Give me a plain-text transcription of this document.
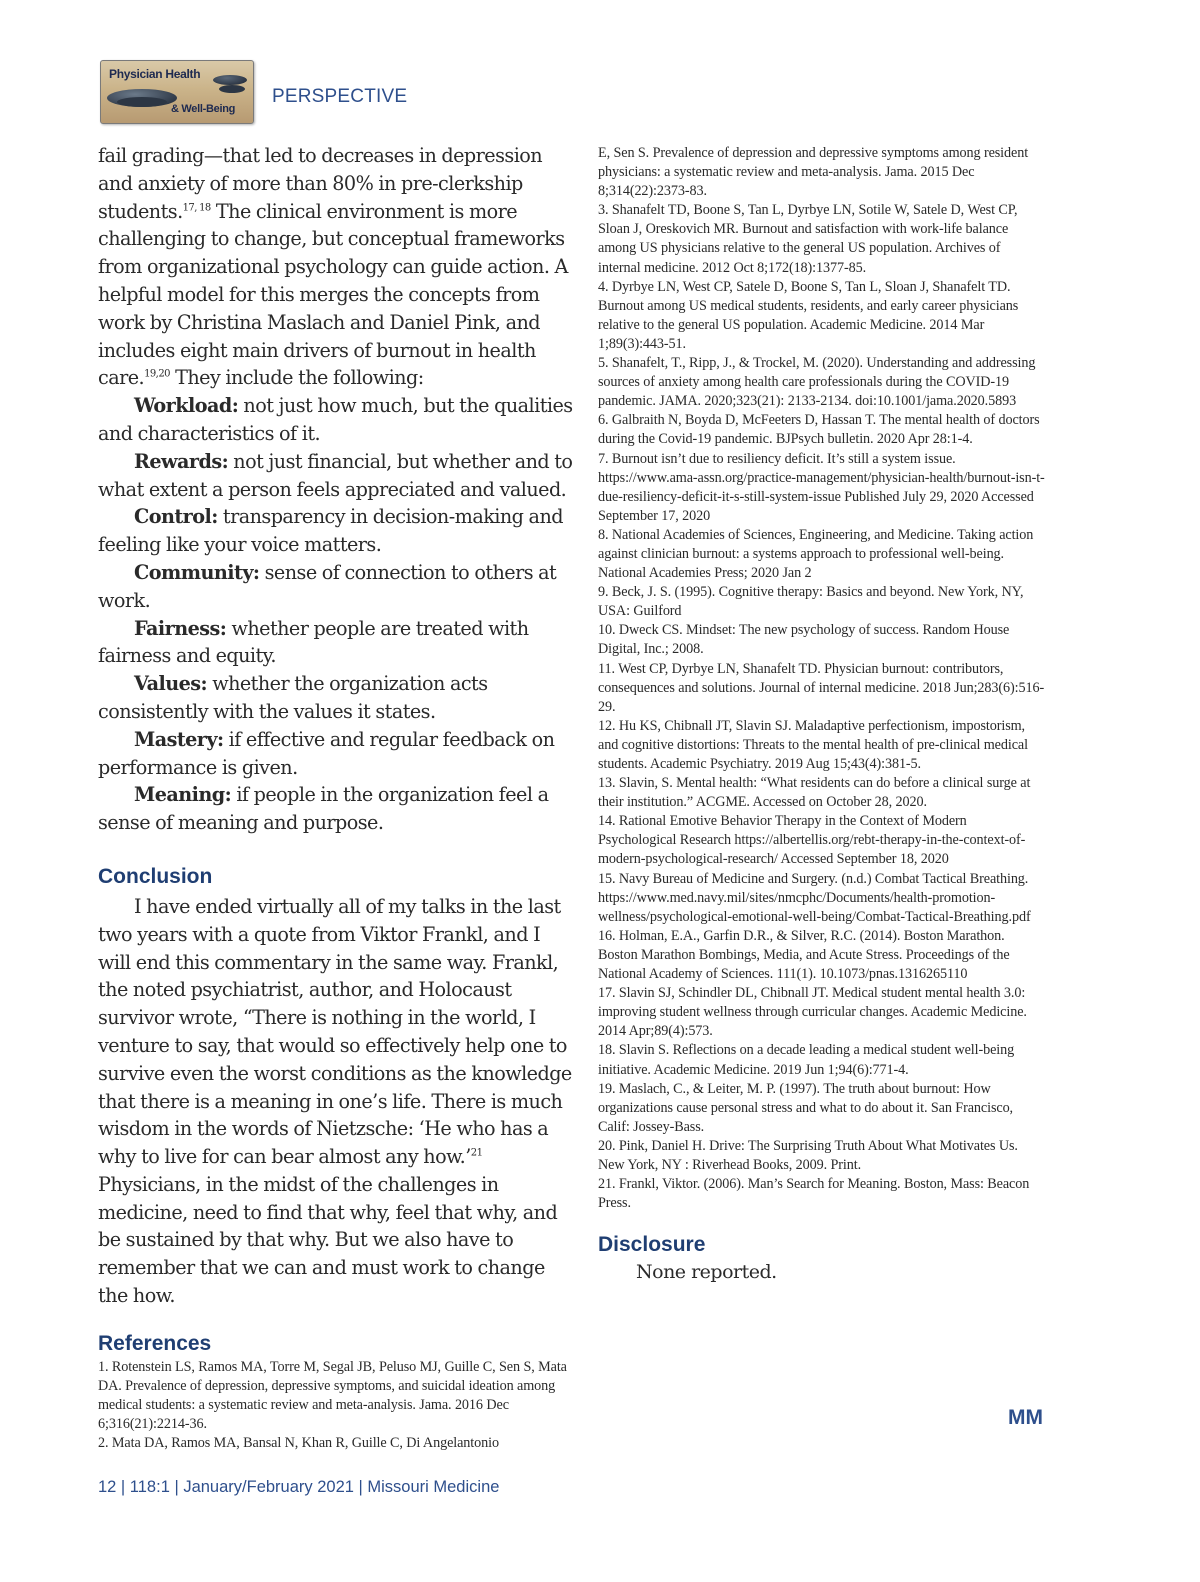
Physician Health
& Well-Being
PERSPECTIVE

fail grading—that led to decreases in depression and anxiety of more than 80% in pre-clerkship students.$^{17, 18}$ The clinical environment is more challenging to change, but conceptual frameworks from organizational psychology can guide action. A helpful model for this merges the concepts from work by Christina Maslach and Daniel Pink, and includes eight main drivers of burnout in health care.$^{19,20}$ They include the following:

Workload: not just how much, but the qualities and characteristics of it.

Rewards: not just financial, but whether and to what extent a person feels appreciated and valued.

Control: transparency in decision-making and feeling like your voice matters.

Community: sense of connection to others at work.

Fairness: whether people are treated with fairness and equity.

Values: whether the organization acts consistently with the values it states.

Mastery: if effective and regular feedback on performance is given.

Meaning: if people in the organization feel a sense of meaning and purpose.

Conclusion

I have ended virtually all of my talks in the last two years with a quote from Viktor Frankl, and I will end this commentary in the same way. Frankl, the noted psychiatrist, author, and Holocaust survivor wrote, “There is nothing in the world, I venture to say, that would so effectively help one to survive even the worst conditions as the knowledge that there is a meaning in one’s life. There is much wisdom in the words of Nietzsche: ‘He who has a why to live for can bear almost any how.’$^{21}$ Physicians, in the midst of the challenges in medicine, need to find that why, feel that why, and be sustained by that why. But we also have to remember that we can and must work to change the how.

References
1. Rotenstein LS, Ramos MA, Torre M, Segal JB, Peluso MJ, Guille C, Sen S, Mata DA. Prevalence of depression, depressive symptoms, and suicidal ideation among medical students: a systematic review and meta-analysis. Jama. 2016 Dec 6;316(21):2214-36.
2. Mata DA, Ramos MA, Bansal N, Khan R, Guille C, Di Angelantonio
E, Sen S. Prevalence of depression and depressive symptoms among resident physicians: a systematic review and meta-analysis. Jama. 2015 Dec 8;314(22):2373-83.
3. Shanafelt TD, Boone S, Tan L, Dyrbye LN, Sotile W, Satele D, West CP, Sloan J, Oreskovich MR. Burnout and satisfaction with work-life balance among US physicians relative to the general US population. Archives of internal medicine. 2012 Oct 8;172(18):1377-85.
4. Dyrbye LN, West CP, Satele D, Boone S, Tan L, Sloan J, Shanafelt TD. Burnout among US medical students, residents, and early career physicians relative to the general US population. Academic Medicine. 2014 Mar 1;89(3):443-51.
5. Shanafelt, T., Ripp, J., & Trockel, M. (2020). Understanding and addressing sources of anxiety among health care professionals during the COVID-19 pandemic. JAMA. 2020;323(21): 2133-2134. doi:10.1001/jama.2020.5893
6. Galbraith N, Boyda D, McFeeters D, Hassan T. The mental health of doctors during the Covid-19 pandemic. BJPsych bulletin. 2020 Apr 28:1-4.
7. Burnout isn’t due to resiliency deficit. It’s still a system issue. https://www.ama-assn.org/practice-management/physician-health/burnout-isn-t-due-resiliency-deficit-it-s-still-system-issue Published July 29, 2020 Accessed September 17, 2020
8. National Academies of Sciences, Engineering, and Medicine. Taking action against clinician burnout: a systems approach to professional well-being. National Academies Press; 2020 Jan 2
9. Beck, J. S. (1995). Cognitive therapy: Basics and beyond. New York, NY, USA: Guilford
10. Dweck CS. Mindset: The new psychology of success. Random House Digital, Inc.; 2008.
11. West CP, Dyrbye LN, Shanafelt TD. Physician burnout: contributors, consequences and solutions. Journal of internal medicine. 2018 Jun;283(6):516-29.
12. Hu KS, Chibnall JT, Slavin SJ. Maladaptive perfectionism, impostorism, and cognitive distortions: Threats to the mental health of pre-clinical medical students. Academic Psychiatry. 2019 Aug 15;43(4):381-5.
13. Slavin, S. Mental health: “What residents can do before a clinical surge at their institution.” ACGME. Accessed on October 28, 2020.
14. Rational Emotive Behavior Therapy in the Context of Modern Psychological Research https://albertellis.org/rebt-therapy-in-the-context-of-modern-psychological-research/ Accessed September 18, 2020
15. Navy Bureau of Medicine and Surgery. (n.d.) Combat Tactical Breathing. https://www.med.navy.mil/sites/nmcphc/Documents/health-promotion-wellness/psychological-emotional-well-being/Combat-Tactical-Breathing.pdf
16. Holman, E.A., Garfin D.R., & Silver, R.C. (2014). Boston Marathon. Boston Marathon Bombings, Media, and Acute Stress. Proceedings of the National Academy of Sciences. 111(1). 10.1073/pnas.1316265110
17. Slavin SJ, Schindler DL, Chibnall JT. Medical student mental health 3.0: improving student wellness through curricular changes. Academic Medicine. 2014 Apr;89(4):573.
18. Slavin S. Reflections on a decade leading a medical student well-being initiative. Academic Medicine. 2019 Jun 1;94(6):771-4.
19. Maslach, C., & Leiter, M. P. (1997). The truth about burnout: How organizations cause personal stress and what to do about it. San Francisco, Calif: Jossey-Bass.
20. Pink, Daniel H. Drive: The Surprising Truth About What Motivates Us. New York, NY : Riverhead Books, 2009. Print.
21. Frankl, Viktor. (2006). Man’s Search for Meaning. Boston, Mass: Beacon Press.
Disclosure

None reported.

MM
12 | 118:1 | January/February 2021 | Missouri Medicine
